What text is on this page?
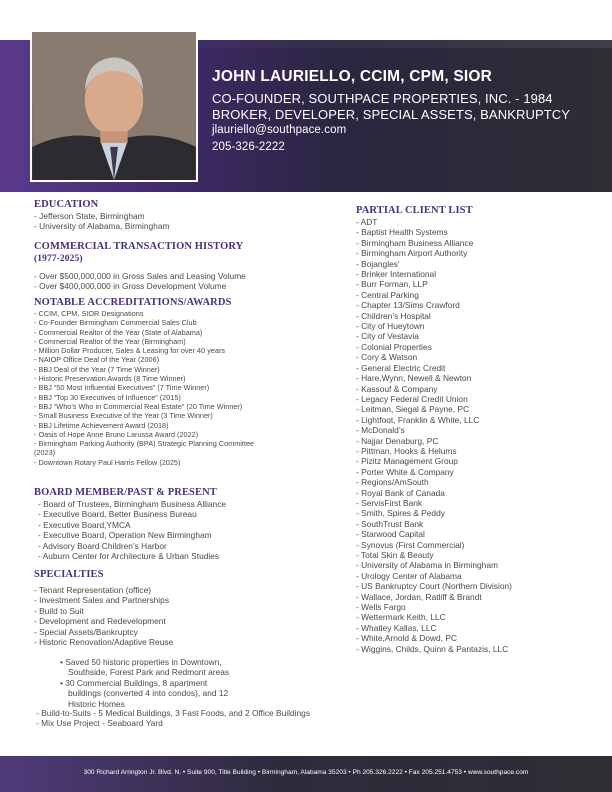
JOHN LAURIELLO, CCIM, CPM, SIOR
CO-FOUNDER, SOUTHPACE PROPERTIES, INC. - 1984
BROKER, DEVELOPER, SPECIAL ASSETS, BANKRUPTCY
jlauriello@southpace.com
205-326-2222
EDUCATION
- Jefferson State, Birmingham
- University of Alabama, Birmingham
COMMERCIAL TRANSACTION HISTORY
(1977-2025)
- Over $500,000,000 in Gross Sales and Leasing Volume
- Over $400,000,000 in Gross Development Volume
NOTABLE ACCREDITATIONS/AWARDS
- CCIM, CPM, SIOR Designations
- Co-Founder Birmingham Commercial Sales Club
- Commercial Realtor of the Year (State of Alabama)
- Commercial Realtor of the Year (Birmingham)
- Million Dollar Producer, Sales & Leasing for over 40 years
- NAIOP Office Deal of the Year (2006)
- BBJ Deal of the Year (7 Time Winner)
- Historic Preservation Awards (8 Time Winner)
- BBJ “50 Most Influential Executives” (7 Time Winner)
- BBJ “Top 30 Executives of Influence” (2015)
- BBJ “Who’s Who in Commercial Real Estate” (20 Time Winner)
- Small Business Executive of the Year (3 Time Winner)
- BBJ Lifetime Achievement Award (2018)
- Oasis of Hope Anne Bruno Larussa Award (2022)
- Birmingham Parking Authority (BPA) Strategic Planning Committee (2023)
- Downtown Rotary Paul Harris Fellow (2025)
BOARD MEMBER/PAST & PRESENT
- Board of Trustees, Birmingham Business Alliance
- Executive Board, Better Business Bureau
- Executive Board,YMCA
- Executive Board, Operation New Birmingham
- Advisory Board Children’s Harbor
- Auburn Center for Architecture & Urban Studies
SPECIALTIES
- Tenant Representation (office)
- Investment Sales and Partnerships
- Build to Suit
- Development and Redevelopment
- Special Assets/Bankruptcy
- Historic Renovation/Adaptive Reuse
• Saved 50 historic properties in Downtown,
Southside, Forest Park and Redmont areas
• 30 Commercial Buildings, 8 apartment
buildings (converted 4 into condos), and 12
Historic Homes
- Build-to-Suits - 5 Medical Buildings, 3 Fast Foods, and 2 Office Buildings
- Mix Use Project - Seaboard Yard
PARTIAL CLIENT LIST
- ADT
- Baptist Health Systems
- Birmingham Business Alliance
- Birmingham Airport Authority
- Bojangles’
- Brinker International
- Burr Forman, LLP
- Central Parking
- Chapter 13/Sims Crawford
- Children’s Hospital
- City of Hueytown
- City of Vestavia
- Colonial Properties
- Cory & Watson
- General Electric Credit
- Hare,Wynn, Newell & Newton
- Kassouf & Company
- Legacy Federal Credit Union
- Leitman, Siegal & Payne, PC
- Lightfoot, Franklin & White, LLC
- McDonald’s
- Najjar Denaburg, PC
- Pittman, Hooks & Helums
- Pizitz Management Group
- Porter White & Company
- Regions/AmSouth
- Royal Bank of Canada
- ServisFirst Bank
- Smith, Spires & Peddy
- SouthTrust Bank
- Starwood Capital
- Synovus (First Commercial)
- Total Skin & Beauty
- University of Alabama in Birmingham
- Urology Center of Alabama
- US Bankruptcy Court (Northern Division)
- Wallace, Jordan, Ratliff & Brandt
- Wells Fargo
- Wettermark Keith, LLC
- Whatley Kallas, LLC
- White,Arnold & Dowd, PC
- Wiggins, Childs, Quinn & Pantazis, LLC
300 Richard Arrington Jr. Blvd. N. • Suite 900, Title Building • Birmingham, Alabama 35203 • Ph 205.326.2222 • Fax 205.251.4753 • www.southpace.com
